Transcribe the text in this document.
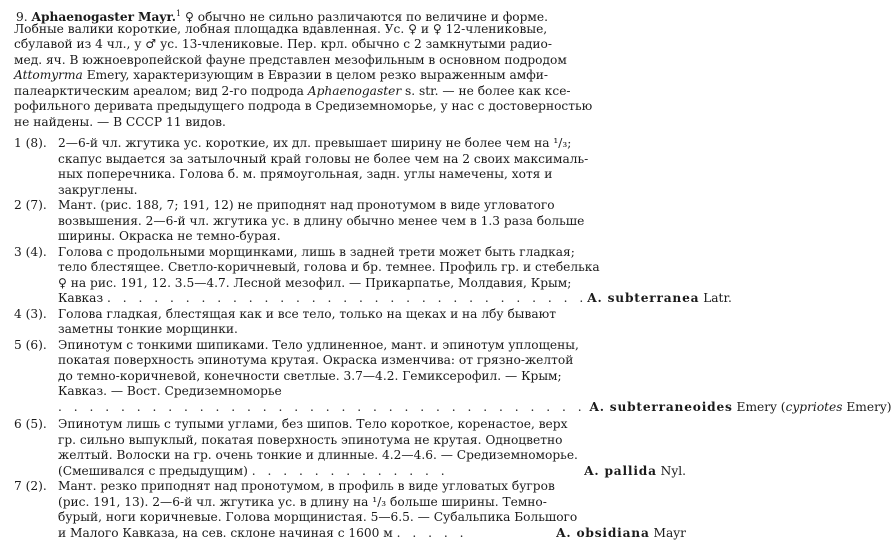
9. Aphaenogaster Mayr.$^1$ ♀ обычно не сильно различаются по величине и форме.
Лобные валики короткие, лобная площадка вдавленная. Ус. ♀ и ♀ 12-члениковые,
сбулавой из 4 чл., у ♂ ус. 13-члениковые. Пер. крл. обычно с 2 замкнутыми радио-
мед. яч. В южноевропейской фауне представлен мезофильным в основном подродом
Attomyrma Emery, характеризующим в Евразии в целом резко выраженным амфи-
палеарктическим ареалом; вид 2-го подрода Aphaenogaster s. str. — не более как ксе-
рофильного дериватa предыдущего подрода в Средиземноморье, у нас с достоверностью
не найдены. — В СССР 11 видов.
1 (8). 2—6-й чл. жгутика ус. короткие, их дл. превышает ширину не более чем на ¹/₃;
скапус выдается за затылочный край головы не более чем на 2 своих максималь-
ных поперечника. Голова б. м. прямоугольная, задн. углы намечены, хотя и
закруглены.
2 (7). Мант. (рис. 188, 7; 191, 12) не приподнят над пронотумом в виде угловатого
возвышения. 2—6-й чл. жгутика ус. в длину обычно менее чем в 1.3 раза больше
ширины. Окраска не темно-бурая.
3 (4). Голова с продольными морщинками, лишь в задней трети может быть гладкая;
тело блестящее. Светло-коричневый, голова и бр. темнее. Профиль гр. и стебелька
♀ на рис. 191, 12. 3.5—4.7. Лесной мезофил. — Прикарпатье, Молдавия, Крым;
Кавказ . . . . . . . . . . . . . . . . . . . . . . . . . . . . . . . A. subterranea Latr.
4 (3). Голова гладкая, блестящая как и все тело, только на щеках и на лбу бывают
заметны тонкие морщинки.
5 (6). Эпинотум с тонкими шипиками. Тело удлиненное, мант. и эпинотум уплощены,
покатая поверхность эпинотума крутая. Окраска изменчива: от грязно-желтой
до темно-коричневой, конечности светлые. 3.7—4.2. Гемиксерофил. — Крым;
Кавказ. — Вост. Средиземноморье
. . . . . . . . . . . . . . . . . . . . . . . . . . . . . . . . . . A. subterraneoides Emery (cypriotes Emery)
6 (5). Эпинотум лишь с тупыми углами, без шипов. Тело короткое, коренастое, верх
гр. сильно выпуклый, покатая поверхность эпинотума не крутая. Одноцветно
желтый. Волоски на гр. очень тонкие и длинные. 4.2—4.6. — Средиземноморье.
(Смешивался с предыдущим) . . . . . . . . . . . . .	A. pallida Nyl.
7 (2). Мант. резко приподнят над пронотумом, в профиль в виде угловатых бугров
(рис. 191, 13). 2—6-й чл. жгутика ус. в длину на ¹/₃ больше ширины. Темно-
бурый, ноги коричневые. Голова морщинистая. 5—6.5. — Субальпика Большого
и Малого Кавказа, на сев. склоне начиная с 1600 м . . . . .	A. obsidiana Mayr
